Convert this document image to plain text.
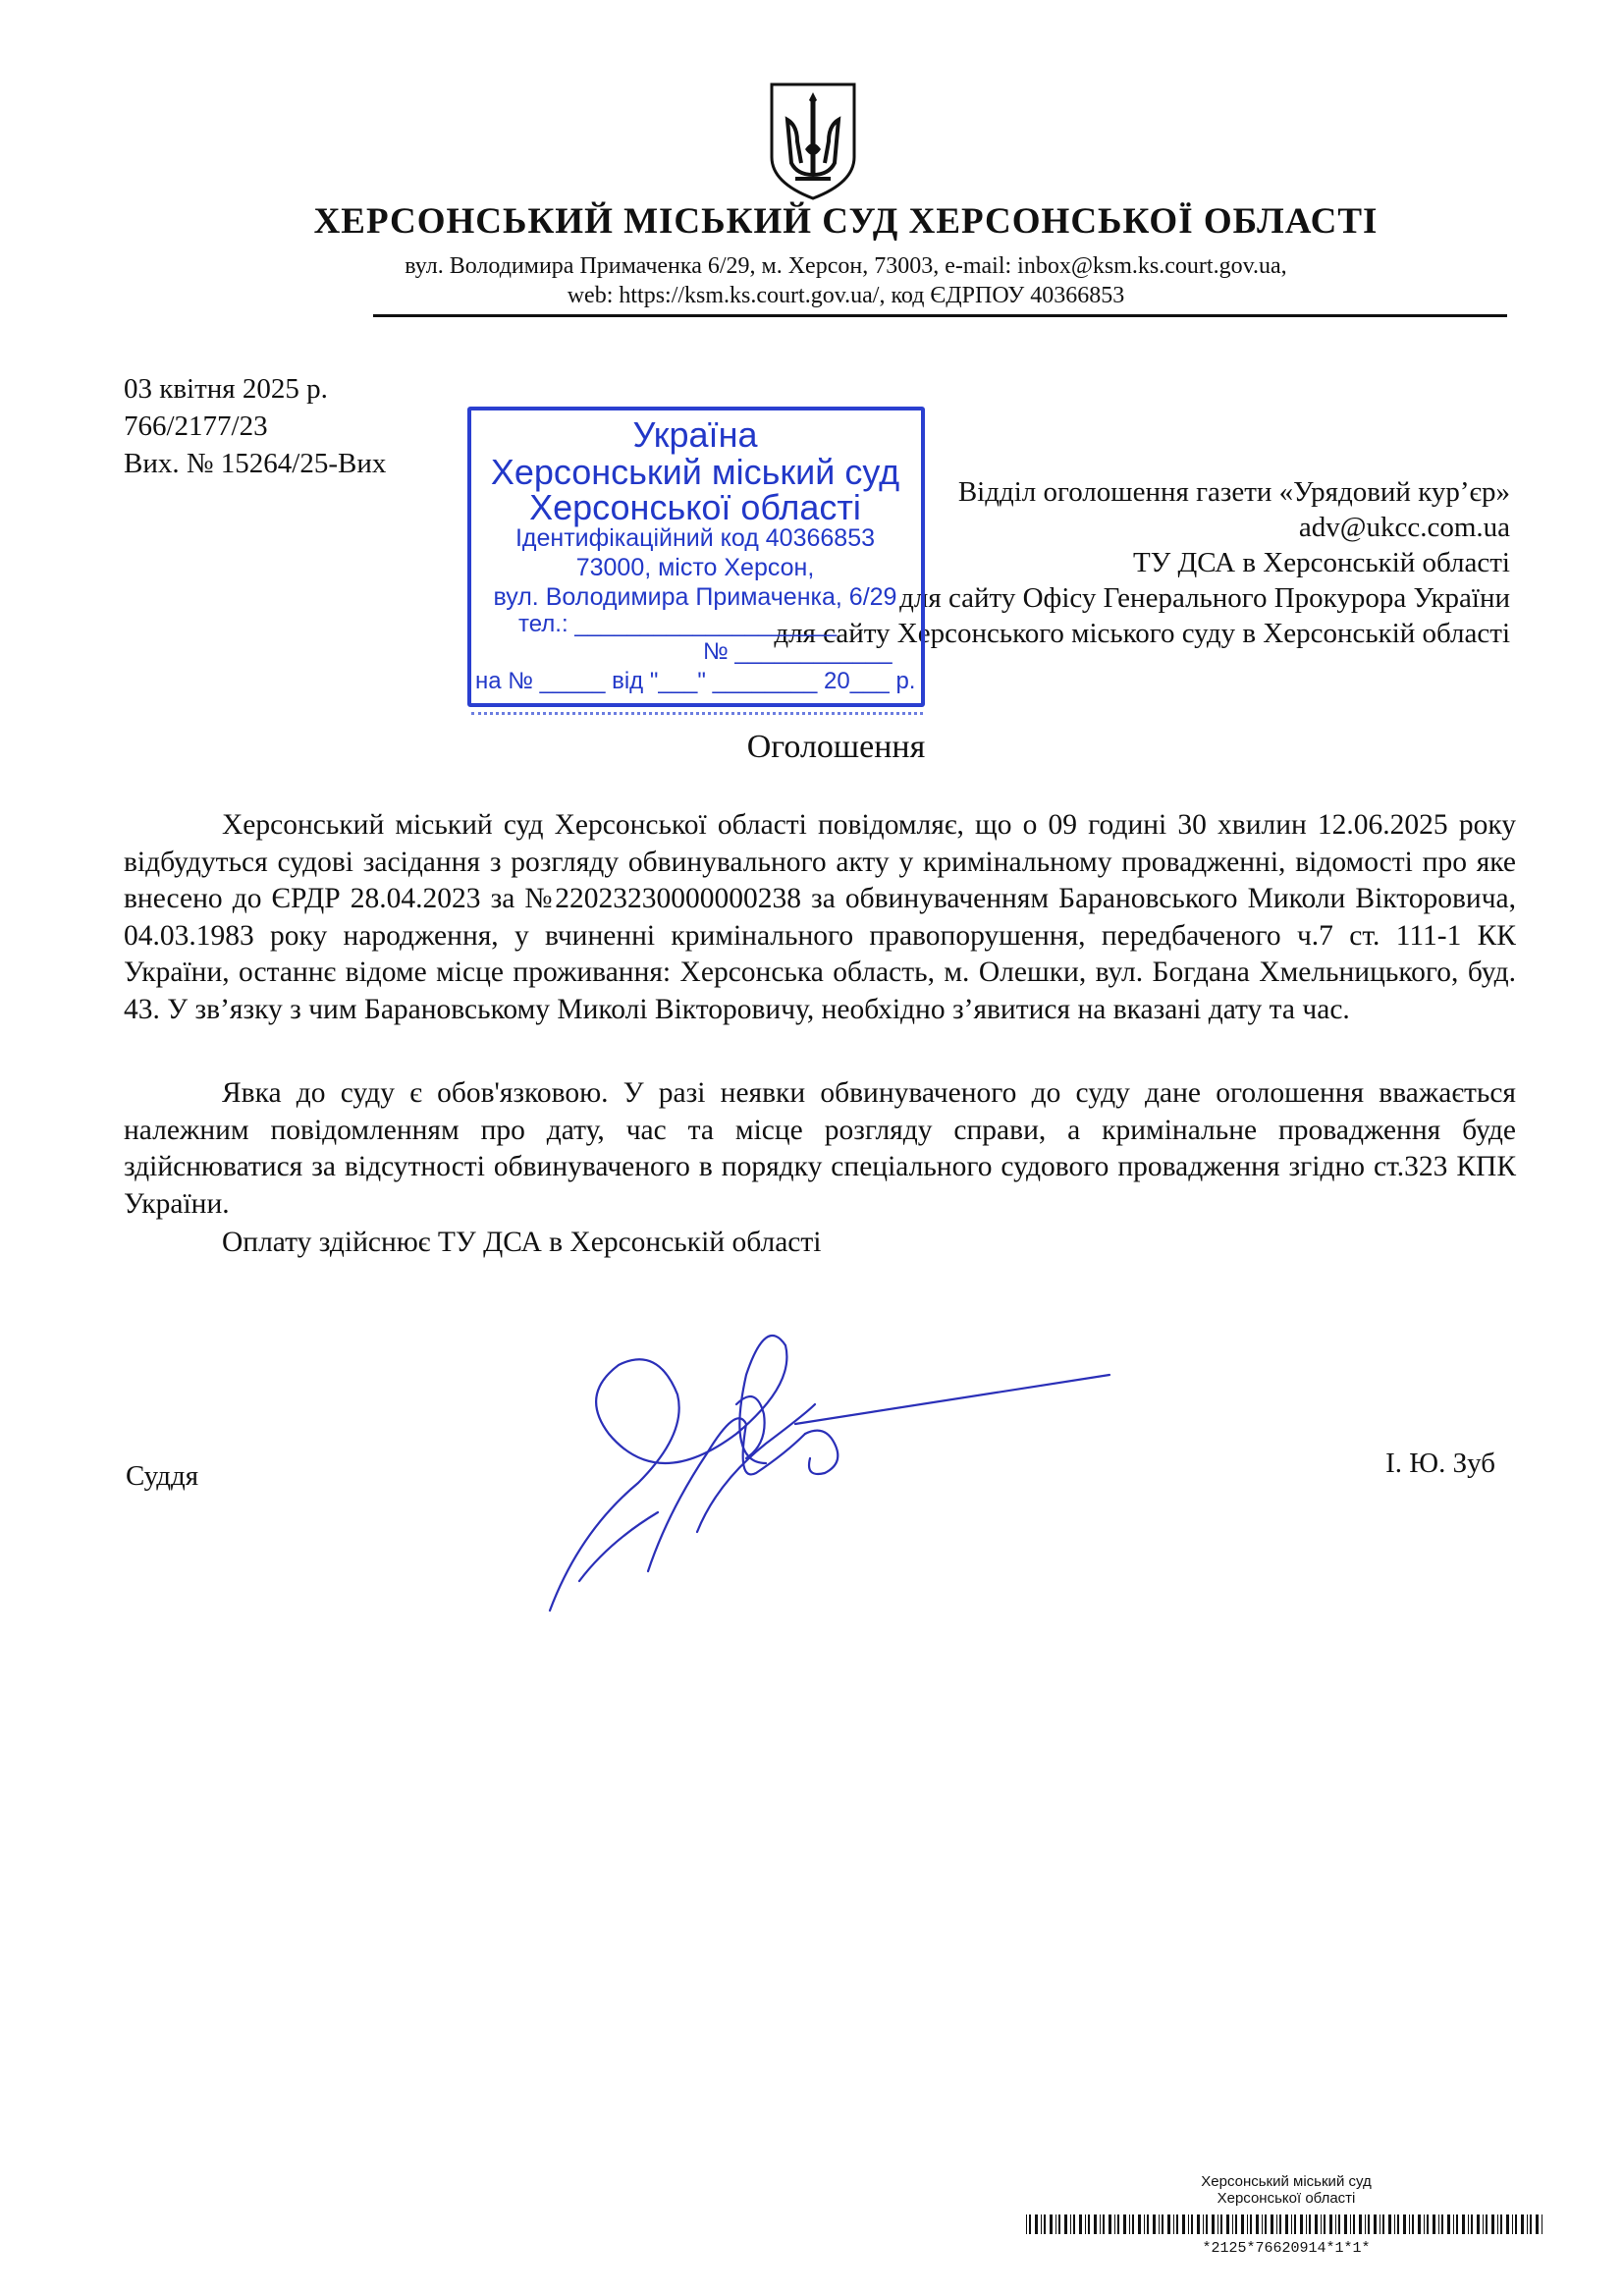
ХЕРСОНСЬКИЙ МІСЬКИЙ СУД ХЕРСОНСЬКОЇ ОБЛАСТІ
вул. Володимира Примаченка 6/29, м. Херсон, 73003, e-mail: inbox@ksm.ks.court.gov.ua,
web: https://ksm.ks.court.gov.ua/, код ЄДРПОУ 40366853
03 квітня 2025 р.
766/2177/23
Вих. № 15264/25-Вих
Відділ оголошення газети «Урядовий кур’єр»
adv@ukcc.com.ua
ТУ ДСА в Херсонській області
для сайту Офісу Генерального Прокурора України
для сайту Херсонського міського суду в Херсонській області
Україна
Херсонський міський суд
Херсонської області
Ідентифікаційний код 40366853
73000, місто Херсон,
вул. Володимира Примаченка, 6/29
тел.: ____________________
№ ____________
на № _____ від "___" ________ 20___ р.
Оголошення

Херсонський міський суд Херсонської області повідомляє, що о 09 годині 30 хвилин 12.06.2025 року відбудуться судові засідання з розгляду обвинувального акту у кримінальному провадженні, відомості про яке внесено до ЄРДР 28.04.2023 за №22023230000000238 за обвинуваченням Барановського Миколи Вікторовича, 04.03.1983 року народження, у вчиненні кримінального правопорушення, передбаченого ч.7 ст. 111-1 КК України, останнє відоме місце проживання: Херсонська область, м. Олешки, вул. Богдана Хмельницького, буд. 43. У зв’язку з чим Барановському Миколі Вікторовичу, необхідно з’явитися на вказані дату та час.

Явка до суду є обов'язковою. У разі неявки обвинуваченого до суду дане оголошення вважається належним повідомленням про дату, час та місце розгляду справи, а кримінальне провадження буде здійснюватися за відсутності обвинуваченого в порядку спеціального судового провадження згідно ст.323 КПК України.

Оплату здійснює ТУ ДСА в Херсонській області

Суддя	І. Ю. Зуб
Херсонський міський суд
Херсонської області
*2125*76620914*1*1*
